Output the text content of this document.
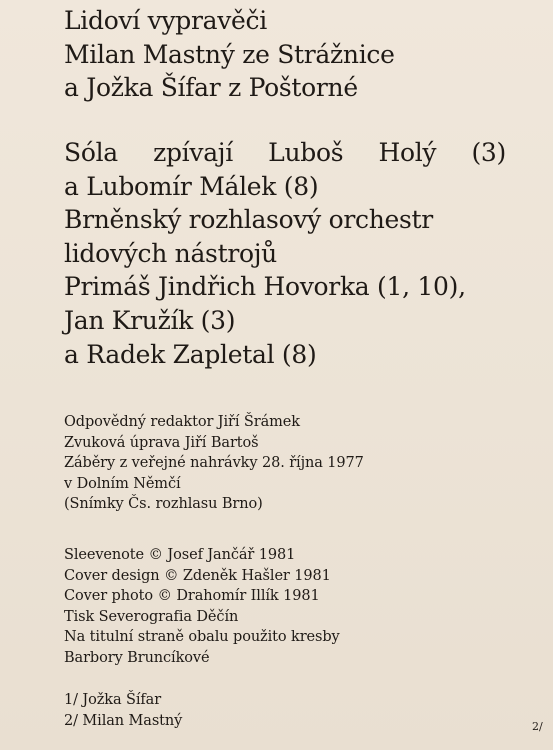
Lidoví vypravěči
Milan Mastný ze Strážnice
a Jožka Šífar z Poštorné
Sóla zpívají Luboš Holý (3)
a Lubomír Málek (8)
Brněnský rozhlasový orchestr
lidových nástrojů
Primáš Jindřich Hovorka (1, 10),
Jan Kružík (3)
a Radek Zapletal (8)
Odpovědný redaktor Jiří Šrámek
Zvuková úprava Jiří Bartoš
Záběry z veřejné nahrávky 28. října 1977
v Dolním Němčí
(Snímky Čs. rozhlasu Brno)
Sleevenote © Josef Jančář 1981
Cover design © Zdeněk Hašler 1981
Cover photo © Drahomír Illík 1981
Tisk Severografia Děčín
Na titulní straně obalu použito kresby
Barbory Bruncíkové
1/ Jožka Šífar
2/ Milan Mastný	2/
